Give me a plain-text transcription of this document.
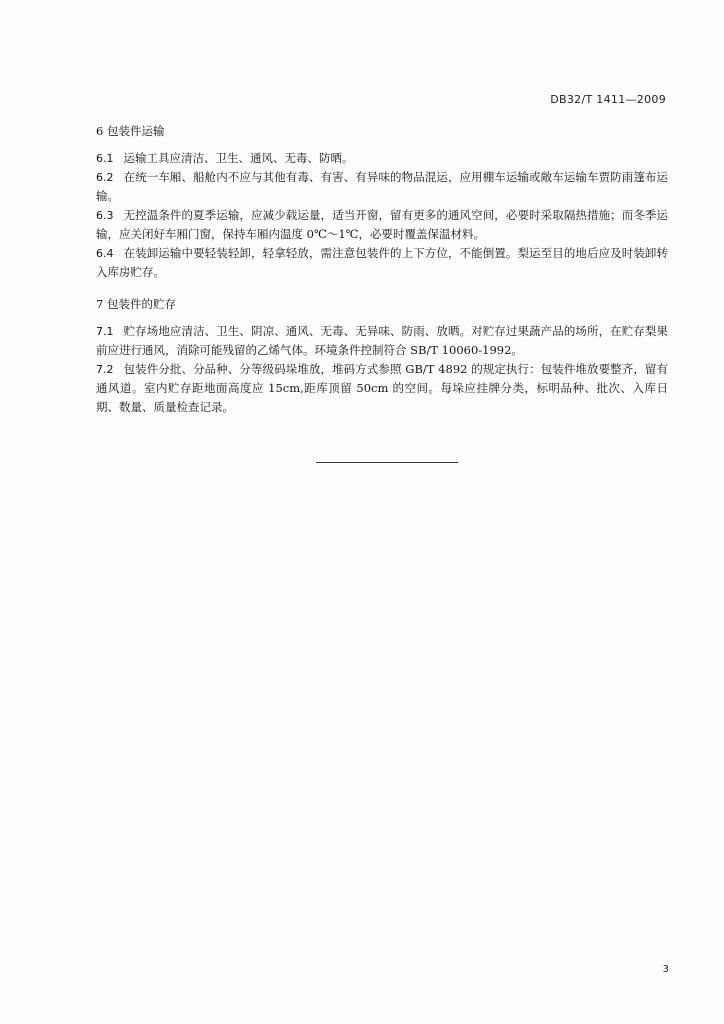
DB32/T 1411—2009

6 包装件运输

6.1 运输工具应清洁、卫生、通风、无毒、防晒。

6.2 在统一车厢、船舱内不应与其他有毒、有害、有异味的物品混运，应用棚车运输或敞车运输车贾防雨篷布运输。

6.3 无控温条件的夏季运输，应减少载运量，适当开窗，留有更多的通风空间，必要时采取隔热措施；而冬季运输，应关闭好车厢门窗，保持车厢内温度 0℃～1℃，必要时覆盖保温材料。

6.4 在装卸运输中要轻装轻卸，轻拿轻放，需注意包装件的上下方位，不能倒置。梨运至目的地后应及时装卸转入库房贮存。

7 包装件的贮存

7.1 贮存场地应清洁、卫生、阴凉、通风、无毒、无异味、防雨、放晒。对贮存过果蔬产品的场所，在贮存梨果前应进行通风，消除可能残留的乙烯气体。环境条件控制符合 SB/T 10060-1992。

7.2 包装件分批、分品种、分等级码垛堆放，堆码方式参照 GB/T 4892 的规定执行：包装件堆放要整齐，留有通风道。室内贮存距地面高度应 15cm,距库顶留 50cm 的空间。每垛应挂牌分类，标明品种、批次、入库日期、数量、质量检查记录。

3
